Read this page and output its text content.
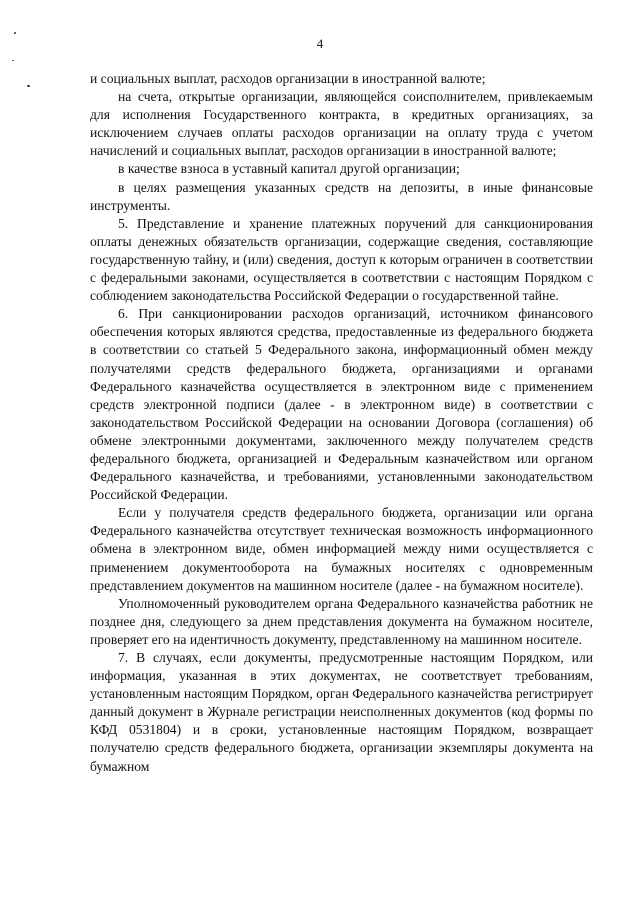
4

и социальных выплат, расходов организации в иностранной валюте;

на счета, открытые организации, являющейся соисполнителем, привлекаемым для исполнения Государственного контракта, в кредитных организациях, за исключением случаев оплаты расходов организации на оплату труда с учетом начислений и социальных выплат, расходов организации в иностранной валюте;

в качестве взноса в уставный капитал другой организации;

в целях размещения указанных средств на депозиты, в иные финансовые инструменты.

5. Представление и хранение платежных поручений для санкционирования оплаты денежных обязательств организации, содержащие сведения, составляющие государственную тайну, и (или) сведения, доступ к которым ограничен в соответствии с федеральными законами, осуществляется в соответствии с настоящим Порядком с соблюдением законодательства Российской Федерации о государственной тайне.

6. При санкционировании расходов организаций, источником финансового обеспечения которых являются средства, предоставленные из федерального бюджета в соответствии со статьей 5 Федерального закона, информационный обмен между получателями средств федерального бюджета, организациями и органами Федерального казначейства осуществляется в электронном виде с применением средств электронной подписи (далее - в электронном виде) в соответствии с законодательством Российской Федерации на основании Договора (соглашения) об обмене электронными документами, заключенного между получателем средств федерального бюджета, организацией и Федеральным казначейством или органом Федерального казначейства, и требованиями, установленными законодательством Российской Федерации.

Если у получателя средств федерального бюджета, организации или органа Федерального казначейства отсутствует техническая возможность информационного обмена в электронном виде, обмен информацией между ними осуществляется с применением документооборота на бумажных носителях с одновременным представлением документов на машинном носителе (далее - на бумажном носителе).

Уполномоченный руководителем органа Федерального казначейства работник не позднее дня, следующего за днем представления документа на бумажном носителе, проверяет его на идентичность документу, представленному на машинном носителе.

7. В случаях, если документы, предусмотренные настоящим Порядком, или информация, указанная в этих документах, не соответствует требованиям, установленным настоящим Порядком, орган Федерального казначейства регистрирует данный документ в Журнале регистрации неисполненных документов (код формы по КФД 0531804) и в сроки, установленные настоящим Порядком, возвращает получателю средств федерального бюджета, организации экземпляры документа на бумажном
